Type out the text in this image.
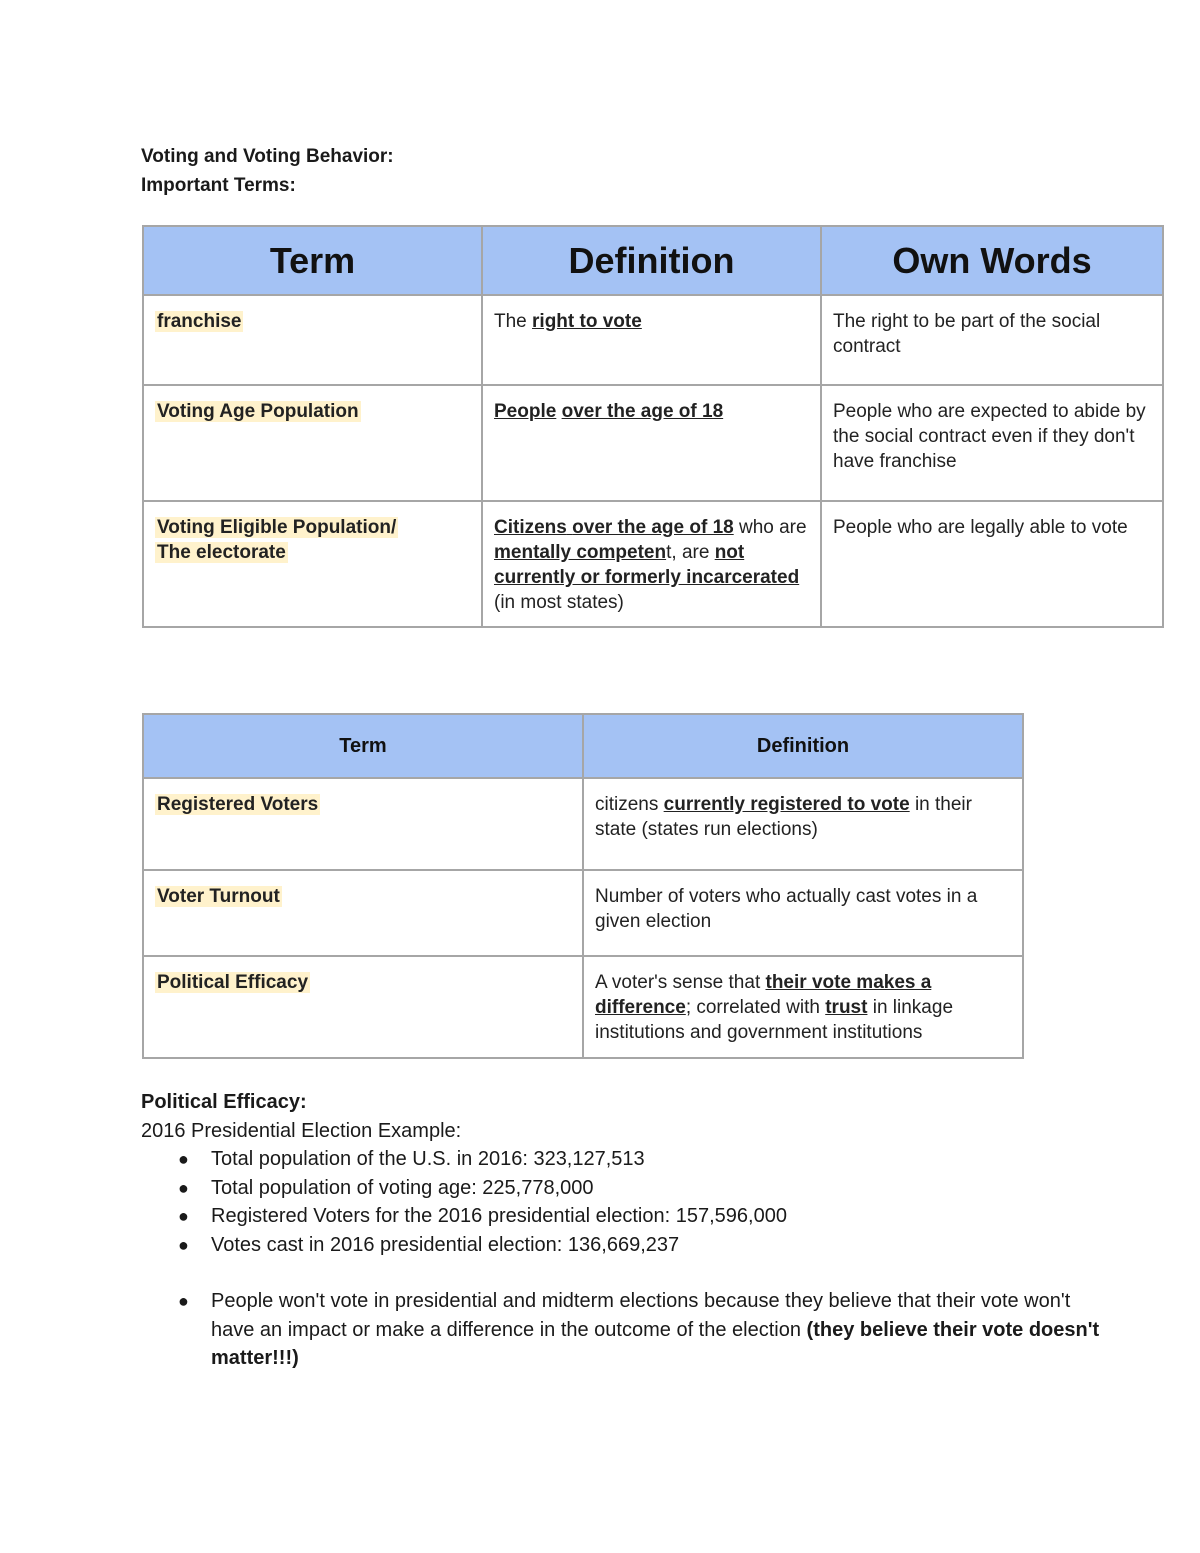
Voting and Voting Behavior:
Important Terms:
Term	Definition	Own Words
franchise	The right to vote	The right to be part of the social contract
Voting Age Population	People over the age of 18	People who are expected to abide by the social contract even if they don't have franchise
Voting Eligible Population/
The electorate	Citizens over the age of 18 who are mentally competent, are not currently or formerly incarcerated (in most states)	People who are legally able to vote
Term	Definition
Registered Voters	citizens currently registered to vote in their state (states run elections)
Voter Turnout	Number of voters who actually cast votes in a given election
Political Efficacy	A voter's sense that their vote makes a difference; correlated with trust in linkage institutions and government institutions
Political Efficacy:
2016 Presidential Election Example:
● Total population of the U.S. in 2016: 323,127,513
● Total population of voting age: 225,778,000
● Registered Voters for the 2016 presidential election: 157,596,000
● Votes cast in 2016 presidential election: 136,669,237
● People won't vote in presidential and midterm elections because they believe that their vote won't have an impact or make a difference in the outcome of the election (they believe their vote doesn't matter!!!)
